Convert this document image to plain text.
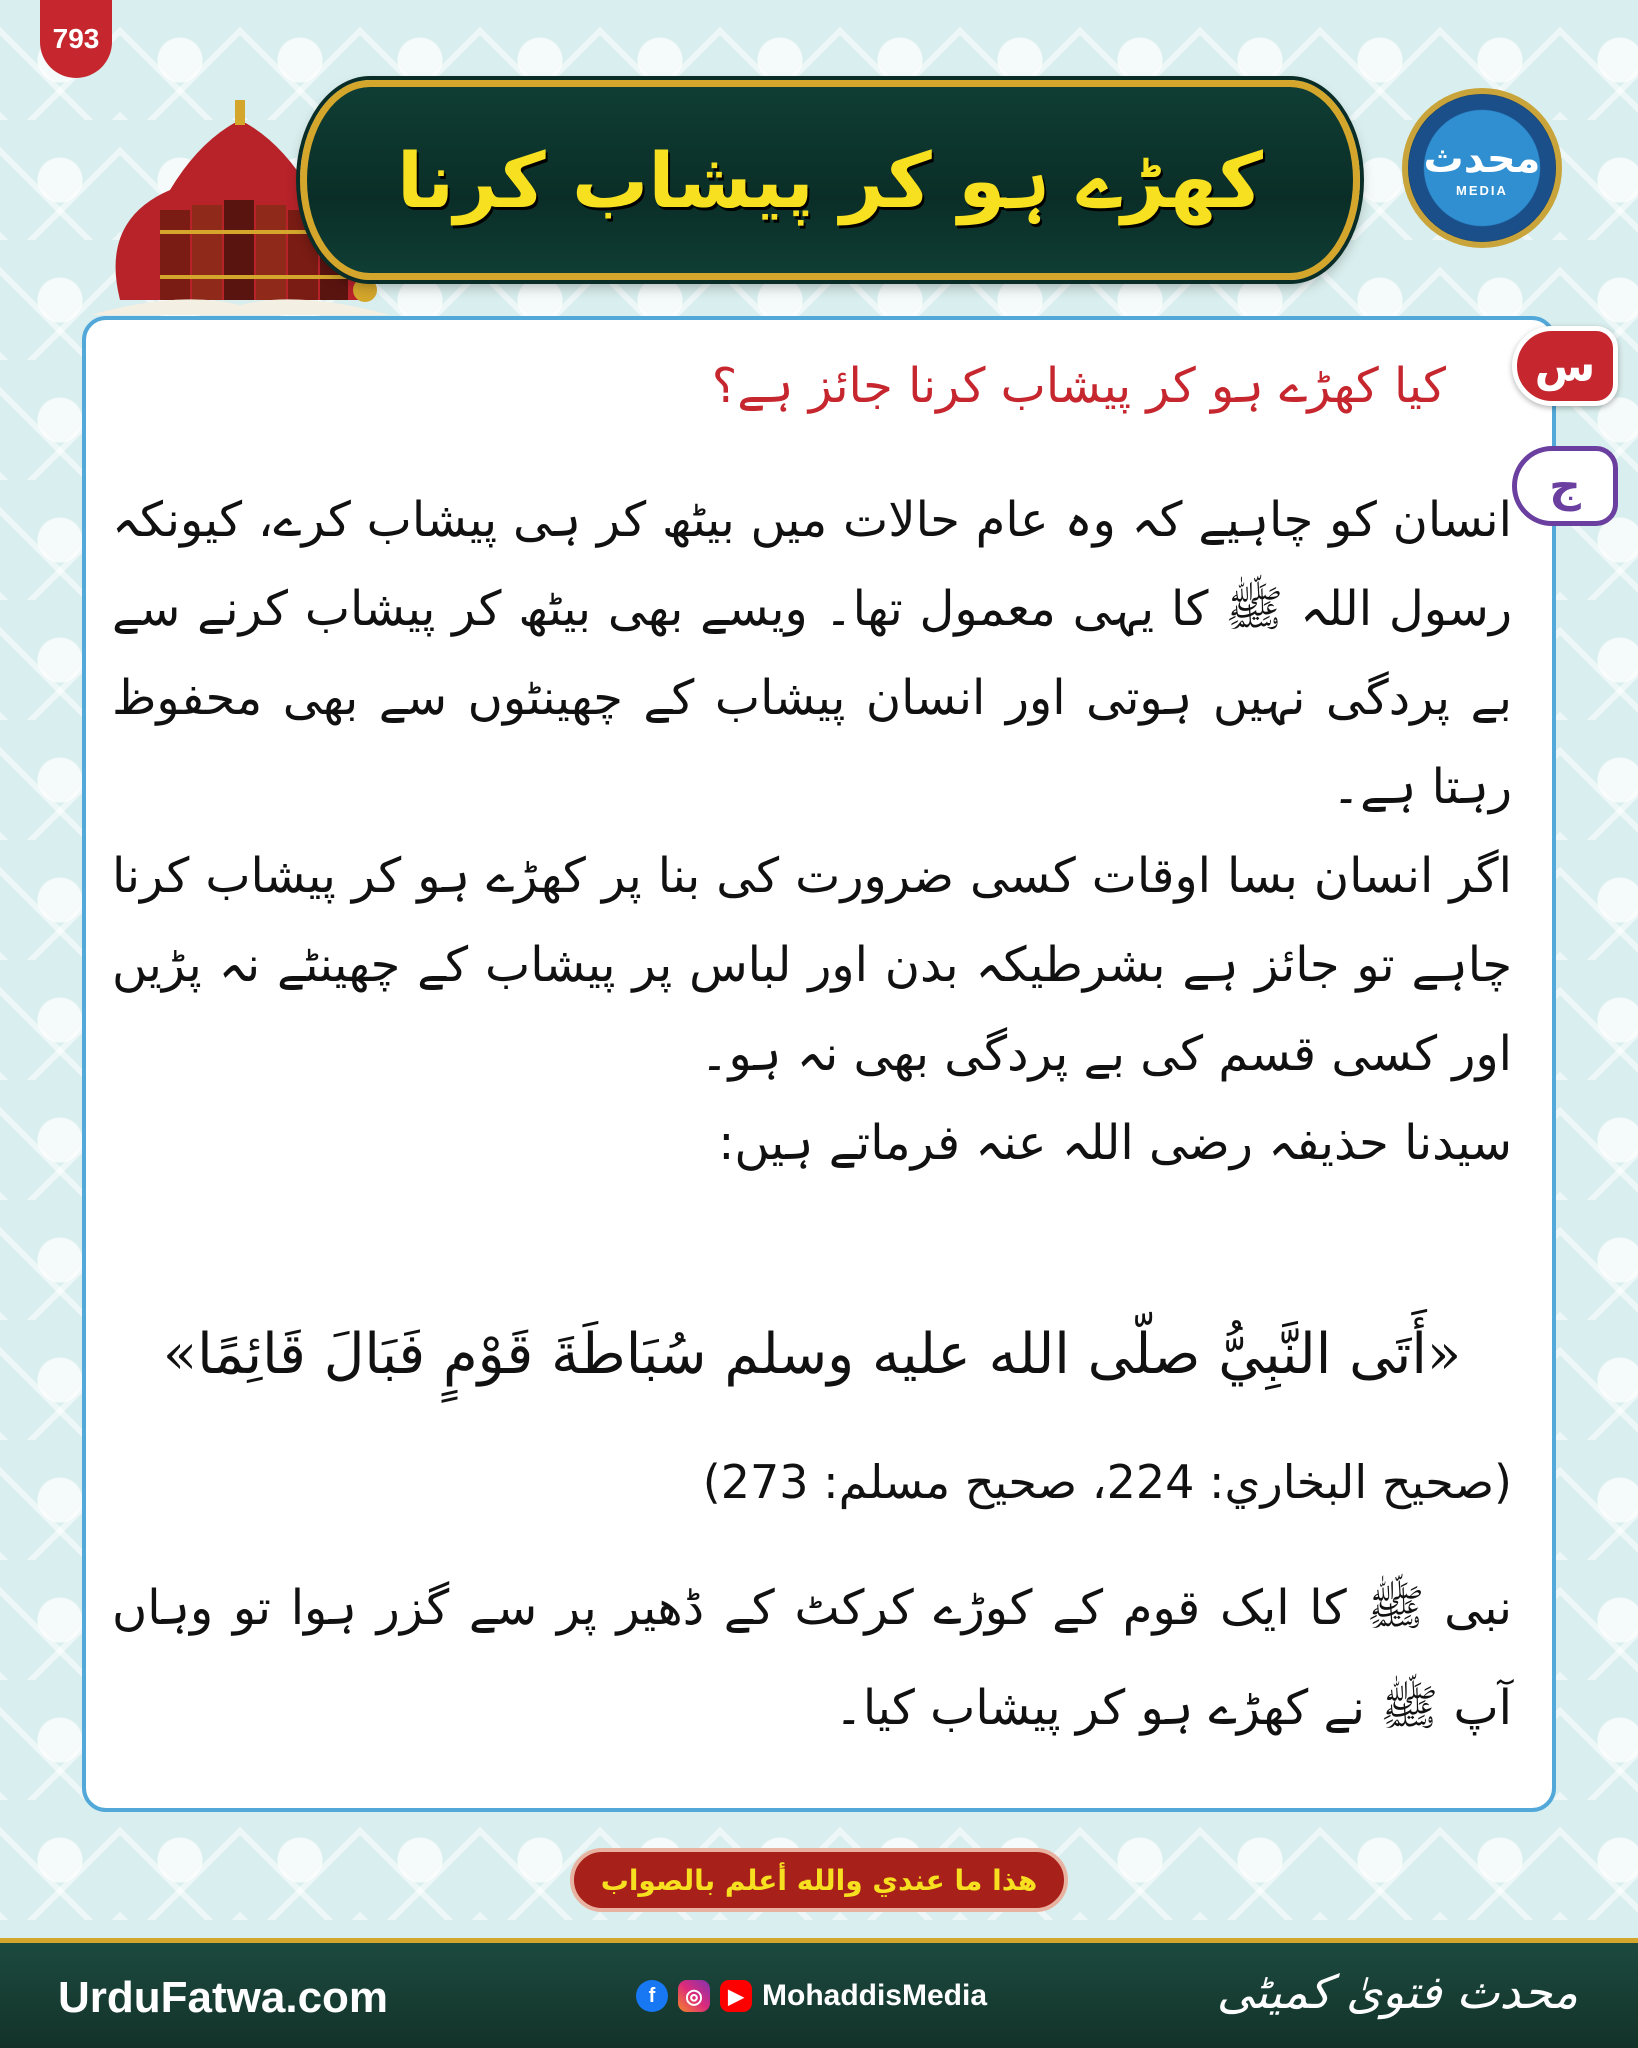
793
کھڑے ہو کر پیشاب کرنا	محدث
MEDIA
س
ج
کیا کھڑے ہو کر پیشاب کرنا جائز ہے؟

انسان کو چاہیے کہ وہ عام حالات میں بیٹھ کر ہی پیشاب کرے، کیونکہ رسول اللہ ﷺ کا یہی معمول تھا۔ ویسے بھی بیٹھ کر پیشاب کرنے سے بے پردگی نہیں ہوتی اور انسان پیشاب کے چھینٹوں سے بھی محفوظ رہتا ہے۔

اگر انسان بسا اوقات کسی ضرورت کی بنا پر کھڑے ہو کر پیشاب کرنا چاہے تو جائز ہے بشرطیکہ بدن اور لباس پر پیشاب کے چھینٹے نہ پڑیں اور کسی قسم کی بے پردگی بھی نہ ہو۔

سیدنا حذیفہ رضی اللہ عنہ فرماتے ہیں:

«أَتَى النَّبِيُّ صلّى الله عليه وسلم سُبَاطَةَ قَوْمٍ فَبَالَ قَائِمًا»
(صحيح البخاري: 224، صحيح مسلم: 273)

نبی ﷺ کا ایک قوم کے کوڑے کرکٹ کے ڈھیر پر سے گزر ہوا تو وہاں آپ ﷺ نے کھڑے ہو کر پیشاب کیا۔

هذا ما عندي والله أعلم بالصواب
UrduFatwa.com	f	◎	▶ MohaddisMedia	محدث فتویٰ کمیٹی
